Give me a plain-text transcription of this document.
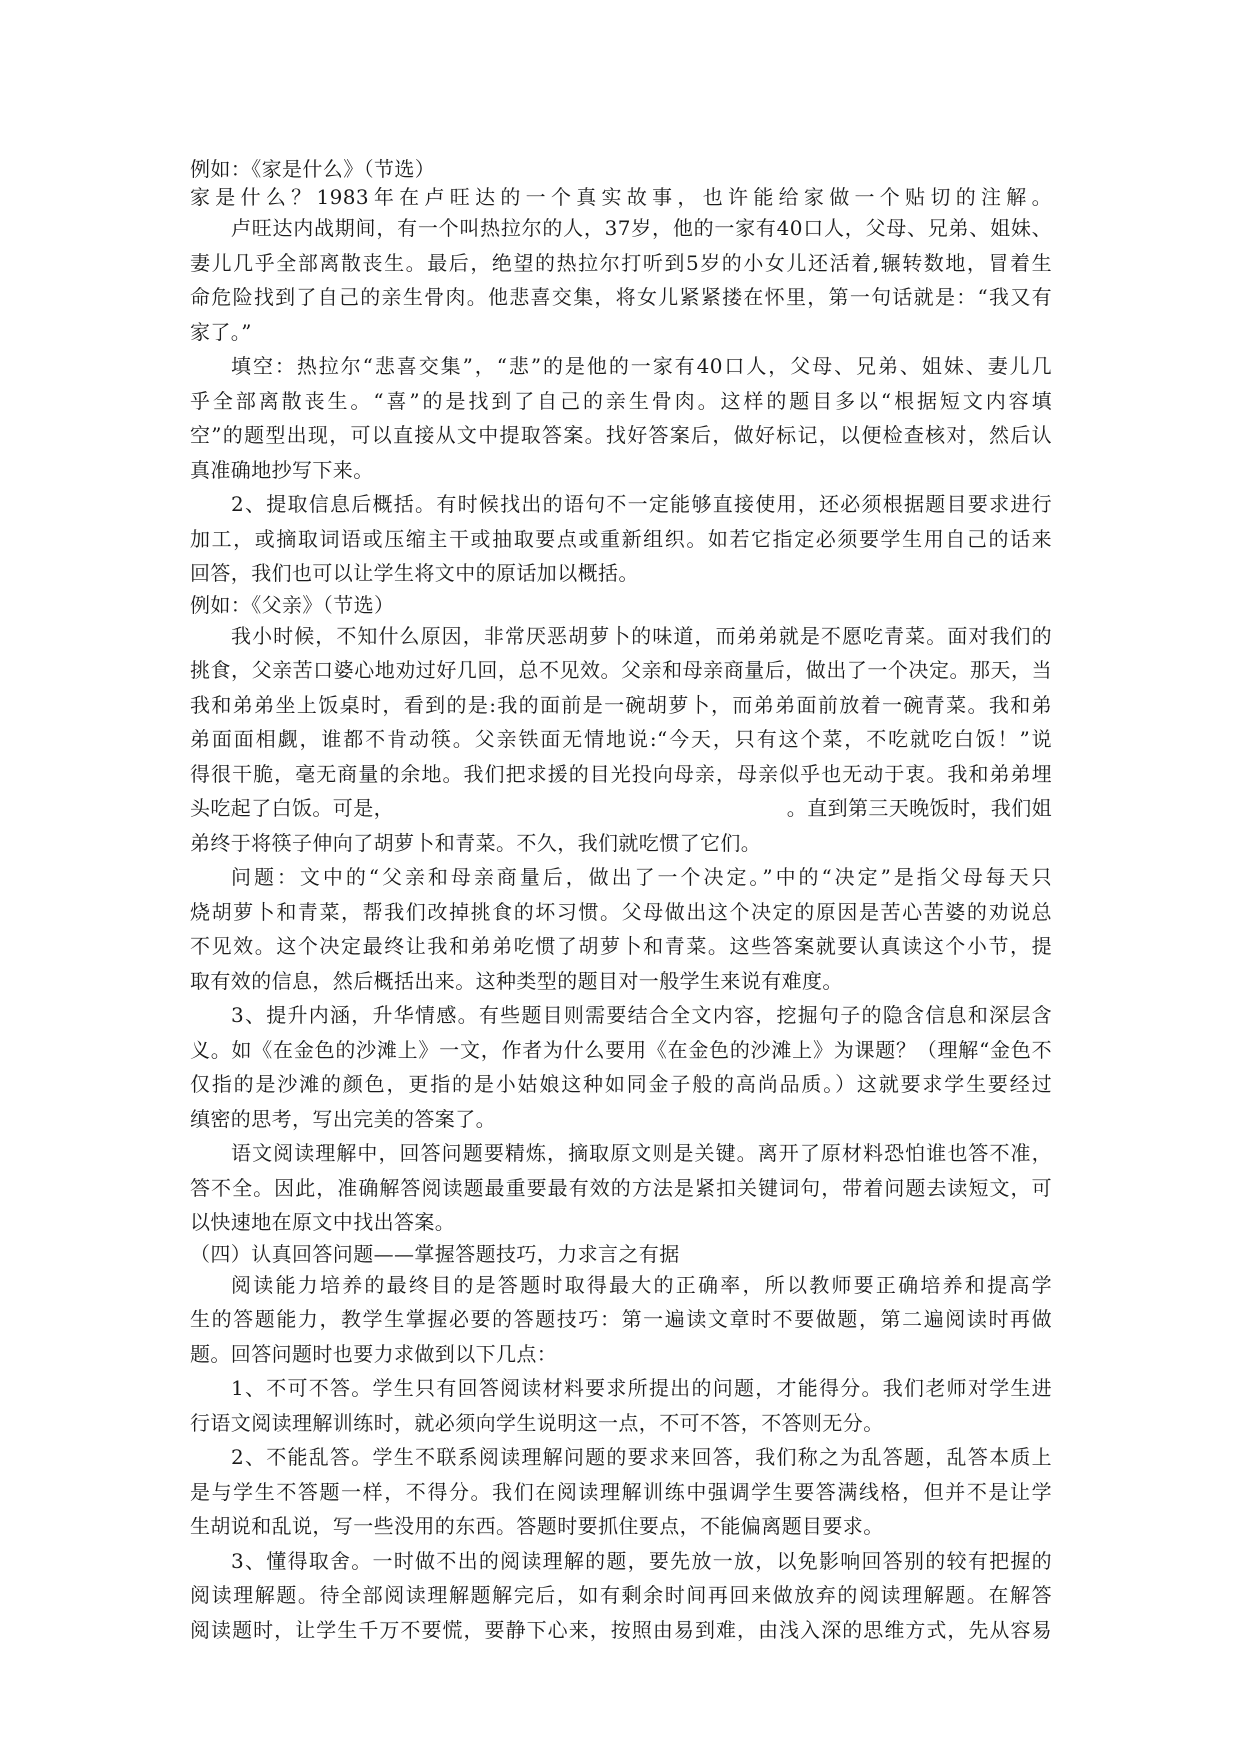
例如：《家是什么》（节选）
家是什么？1983年在卢旺达的一个真实故事，也许能给家做一个贴切的注解。
卢旺达内战期间，有一个叫热拉尔的人，37岁，他的一家有40口人，父母、兄弟、姐妹、
妻儿几乎全部离散丧生。最后，绝望的热拉尔打听到5岁的小女儿还活着,辗转数地，冒着生
命危险找到了自己的亲生骨肉。他悲喜交集，将女儿紧紧搂在怀里，第一句话就是：“我又有
家了。”
填空：热拉尔“悲喜交集”，“悲”的是他的一家有40口人，父母、兄弟、姐妹、妻儿几
乎全部离散丧生。“喜”的是找到了自己的亲生骨肉。这样的题目多以“根据短文内容填
空”的题型出现，可以直接从文中提取答案。找好答案后，做好标记，以便检查核对，然后认
真准确地抄写下来。
2、提取信息后概括。有时候找出的语句不一定能够直接使用，还必须根据题目要求进行
加工，或摘取词语或压缩主干或抽取要点或重新组织。如若它指定必须要学生用自己的话来
回答，我们也可以让学生将文中的原话加以概括。
例如：《父亲》（节选）
我小时候，不知什么原因，非常厌恶胡萝卜的味道，而弟弟就是不愿吃青菜。面对我们的
挑食，父亲苦口婆心地劝过好几回，总不见效。父亲和母亲商量后，做出了一个决定。那天，当
我和弟弟坐上饭桌时，看到的是:我的面前是一碗胡萝卜，而弟弟面前放着一碗青菜。我和弟
弟面面相觑，谁都不肯动筷。父亲铁面无情地说:“今天，只有这个菜，不吃就吃白饭！”说
得很干脆，毫无商量的余地。我们把求援的目光投向母亲，母亲似乎也无动于衷。我和弟弟埋
头吃起了白饭。可是，	。直到第三天晚饭时，我们姐
弟终于将筷子伸向了胡萝卜和青菜。不久，我们就吃惯了它们。
问题：文中的“父亲和母亲商量后，做出了一个决定。”中的“决定”是指父母每天只
烧胡萝卜和青菜，帮我们改掉挑食的坏习惯。父母做出这个决定的原因是苦心苦婆的劝说总
不见效。这个决定最终让我和弟弟吃惯了胡萝卜和青菜。这些答案就要认真读这个小节，提
取有效的信息，然后概括出来。这种类型的题目对一般学生来说有难度。
3、提升内涵，升华情感。有些题目则需要结合全文内容，挖掘句子的隐含信息和深层含
义。如《在金色的沙滩上》一文，作者为什么要用《在金色的沙滩上》为课题？（理解“金色不
仅指的是沙滩的颜色，更指的是小姑娘这种如同金子般的高尚品质。）这就要求学生要经过
缜密的思考，写出完美的答案了。
语文阅读理解中，回答问题要精炼，摘取原文则是关键。离开了原材料恐怕谁也答不准，
答不全。因此，准确解答阅读题最重要最有效的方法是紧扣关键词句，带着问题去读短文，可
以快速地在原文中找出答案。
（四）认真回答问题——掌握答题技巧，力求言之有据
阅读能力培养的最终目的是答题时取得最大的正确率，所以教师要正确培养和提高学
生的答题能力，教学生掌握必要的答题技巧：第一遍读文章时不要做题，第二遍阅读时再做
题。回答问题时也要力求做到以下几点：
1、不可不答。学生只有回答阅读材料要求所提出的问题，才能得分。我们老师对学生进
行语文阅读理解训练时，就必须向学生说明这一点，不可不答，不答则无分。
2、不能乱答。学生不联系阅读理解问题的要求来回答，我们称之为乱答题，乱答本质上
是与学生不答题一样，不得分。我们在阅读理解训练中强调学生要答满线格，但并不是让学
生胡说和乱说，写一些没用的东西。答题时要抓住要点，不能偏离题目要求。
3、懂得取舍。一时做不出的阅读理解的题，要先放一放，以免影响回答别的较有把握的
阅读理解题。待全部阅读理解题解完后，如有剩余时间再回来做放弃的阅读理解题。在解答
阅读题时，让学生千万不要慌，要静下心来，按照由易到难，由浅入深的思维方式，先从容易
